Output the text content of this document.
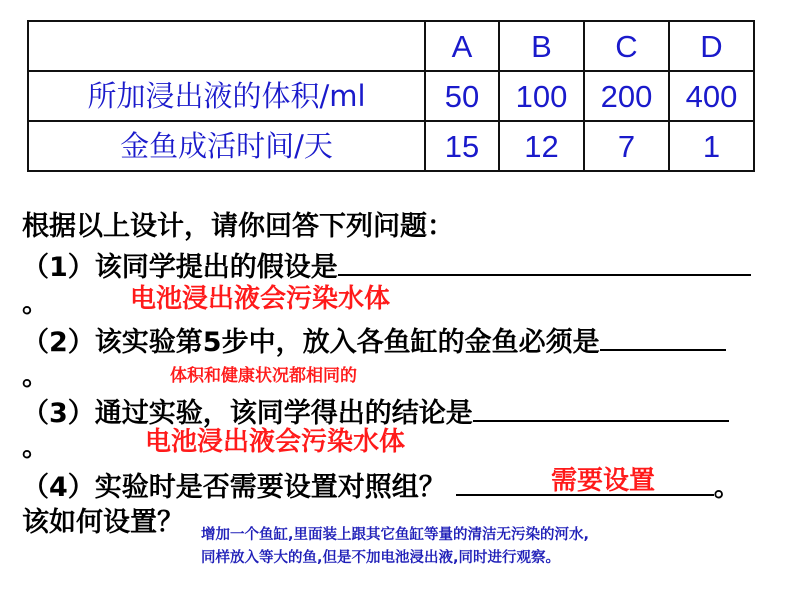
	A	B	C	D
所加浸出液的体积/ml	50	100	200	400
金鱼成活时间/天	15	12	7	1
根据以上设计，请你回答下列问题：
（1）该同学提出的假设是
。	电池浸出液会污染水体
（2）该实验第5步中，放入各鱼缸的金鱼必须是
。	体积和健康状况都相同的
（3）通过实验，该同学得出的结论是
。	电池浸出液会污染水体
（4）实验时是否需要设置对照组？	。
需要设置
该如何设置？ 增加一个鱼缸,里面装上跟其它鱼缸等量的清洁无污染的河水,
同样放入等大的鱼,但是不加电池浸出液,同时进行观察。
